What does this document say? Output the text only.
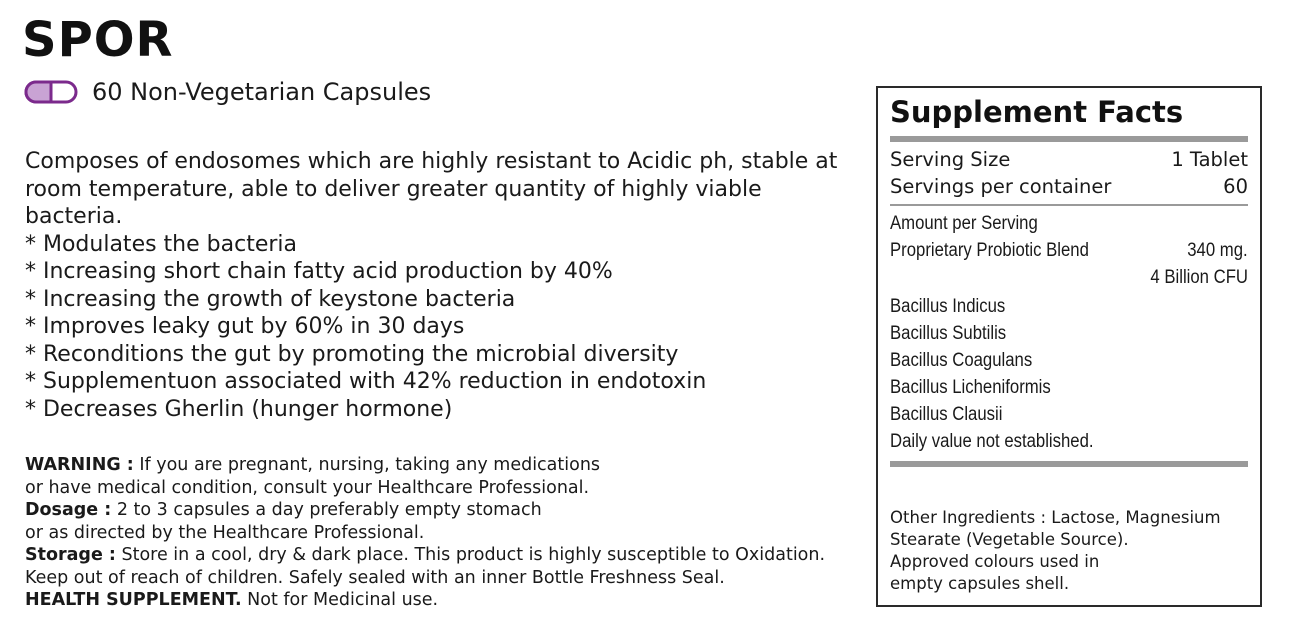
SPOR
60 Non-Vegetarian Capsules

Composes of endosomes which are highly resistant to Acidic ph, stable at

room temperature, able to deliver greater quantity of highly viable bacteria.

* Modulates the bacteria
* Increasing short chain fatty acid production by 40%
* Increasing the growth of keystone bacteria
* Improves leaky gut by 60% in 30 days
* Reconditions the gut by promoting the microbial diversity
* Supplementuon associated with 42% reduction in endotoxin
* Decreases Gherlin (hunger hormone)

WARNING : If you are pregnant, nursing, taking any medications

or have medical condition, consult your Healthcare Professional.

Dosage : 2 to 3 capsules a day preferably empty stomach

or as directed by the Healthcare Professional.

Storage : Store in a cool, dry & dark place. This product is highly susceptible to Oxidation.

Keep out of reach of children. Safely sealed with an inner Bottle Freshness Seal.

HEALTH SUPPLEMENT. Not for Medicinal use.

Supplement Facts
Serving Size	1 Tablet
Servings per container	60
Amount per Serving
Proprietary Probiotic Blend	340 mg.
4 Billion CFU
Bacillus Indicus
Bacillus Subtilis
Bacillus Coagulans
Bacillus Licheniformis
Bacillus Clausii
Daily value not established.

Other Ingredients : Lactose, Magnesium

Stearate (Vegetable Source).

Approved colours used in

empty capsules shell.
